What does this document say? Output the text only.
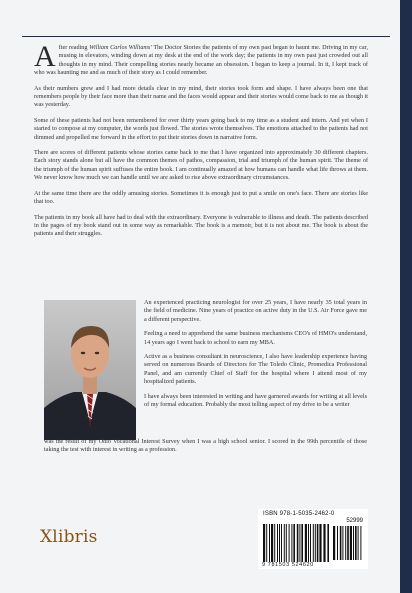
After reading William Carlos Williams' The Doctor Stories the patients of my own past began to haunt me. Driving in my car, musing in elevators, winding down at my desk at the end of the work day; the patients in my own past just crowded out all thoughts in my mind. Their compelling stories nearly became an obsession. I began to keep a journal. In it, I kept track of who was haunting me and as much of their story as I could remember.

As their numbers grew and I had more details clear in my mind, their stories took form and shape. I have always been one that remembers people by their face more than their name and the faces would appear and their stories would come back to me as though it was yesterday.

Some of these patients had not been remembered for over thirty years going back to my time as a student and intern. And yet when I started to compose at my computer, the words just flowed. The stories wrote themselves. The emotions attached to the patients had not dimmed and propelled me forward in the effort to put their stories down in narrative form.

There are scores of different patients whose stories came back to me that I have organized into approximately 30 different chapters. Each story stands alone but all have the common themes of pathos, compassion, trial and triumph of the human spirit. The theme of the triumph of the human spirit suffuses the entire book. I am continually amazed at how humans can handle what life throws at them. We never know how much we can handle until we are asked to rise above extraordinary circumstances.

At the same time there are the oddly amusing stories. Sometimes it is enough just to put a smile on one's face. There are stories like that too.

The patients in my book all have had to deal with the extraordinary. Everyone is vulnerable to illness and death. The patients described in the pages of my book stand out in some way as remarkable. The book is a memoir, but it is not about me. The book is about the patients and their struggles.

An experienced practicing neurologist for over 25 years, I have nearly 35 total years in the field of medicine. Nine years of practice on active duty in the U.S. Air Force gave me a different perspective.

Feeling a need to apprehend the same business mechanisms CEO's of HMO's understand, 14 years ago I went back to school to earn my MBA.

Active as a business consultant in neuroscience, I also have leadership experience having served on numerous Boards of Directors for The Toledo Clinic, Promedica Professional Panel, and am currently Chief of Staff for the hospital where I attend most of my hospitalized patients.

I have always been interested in writing and have garnered awards for writing at all levels of my formal education. Probably the most telling aspect of my drive to be a writer

was the result of my Ohio Vocational Interest Survey when I was a high school senior. I scored in the 99th percentile of those taking the test with interest in writing as a profession.

Xlibris
ISBN 978-1-5035-2462-0
52999
9 781503 524620
